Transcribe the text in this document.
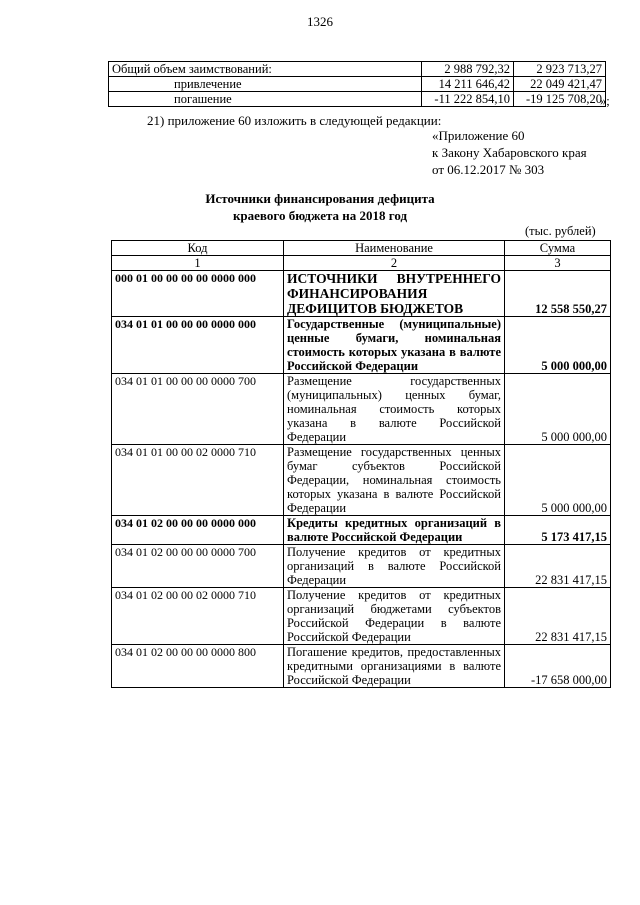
1326
Общий объем заимствований:	2 988 792,32	2 923 713,27
привлечение	14 211 646,42	22 049 421,47
погашение	-11 222 854,10	-19 125 708,20
»;
21) приложение 60 изложить в следующей редакции:
«Приложение 60
к Закону Хабаровского края
от 06.12.2017 № 303
Источники финансирования дефицита
краевого бюджета на 2018 год
(тыс. рублей)
Код	Наименование	Сумма
1	2	3
000 01 00 00 00 00 0000 000	ИСТОЧНИКИ ВНУТРЕННЕГО ФИНАНСИРОВАНИЯ ДЕФИЦИТОВ БЮДЖЕТОВ	12 558 550,27
034 01 01 00 00 00 0000 000	Государственные (муниципальные) ценные бумаги, номинальная стоимость которых указана в валюте Российской Федерации	5 000 000,00
034 01 01 00 00 00 0000 700	Размещение государственных (муниципальных) ценных бумаг, номинальная стоимость которых указана в валюте Российской Федерации	5 000 000,00
034 01 01 00 00 02 0000 710	Размещение государственных ценных бумаг субъектов Российской Федерации, номинальная стоимость которых указана в валюте Российской Федерации	5 000 000,00
034 01 02 00 00 00 0000 000	Кредиты кредитных организаций в валюте Российской Федерации	5 173 417,15
034 01 02 00 00 00 0000 700	Получение кредитов от кредитных организаций в валюте Российской Федерации	22 831 417,15
034 01 02 00 00 02 0000 710	Получение кредитов от кредитных организаций бюджетами субъектов Российской Федерации в валюте Российской Федерации	22 831 417,15
034 01 02 00 00 00 0000 800	Погашение кредитов, предоставленных кредитными организациями в валюте Российской Федерации	-17 658 000,00
